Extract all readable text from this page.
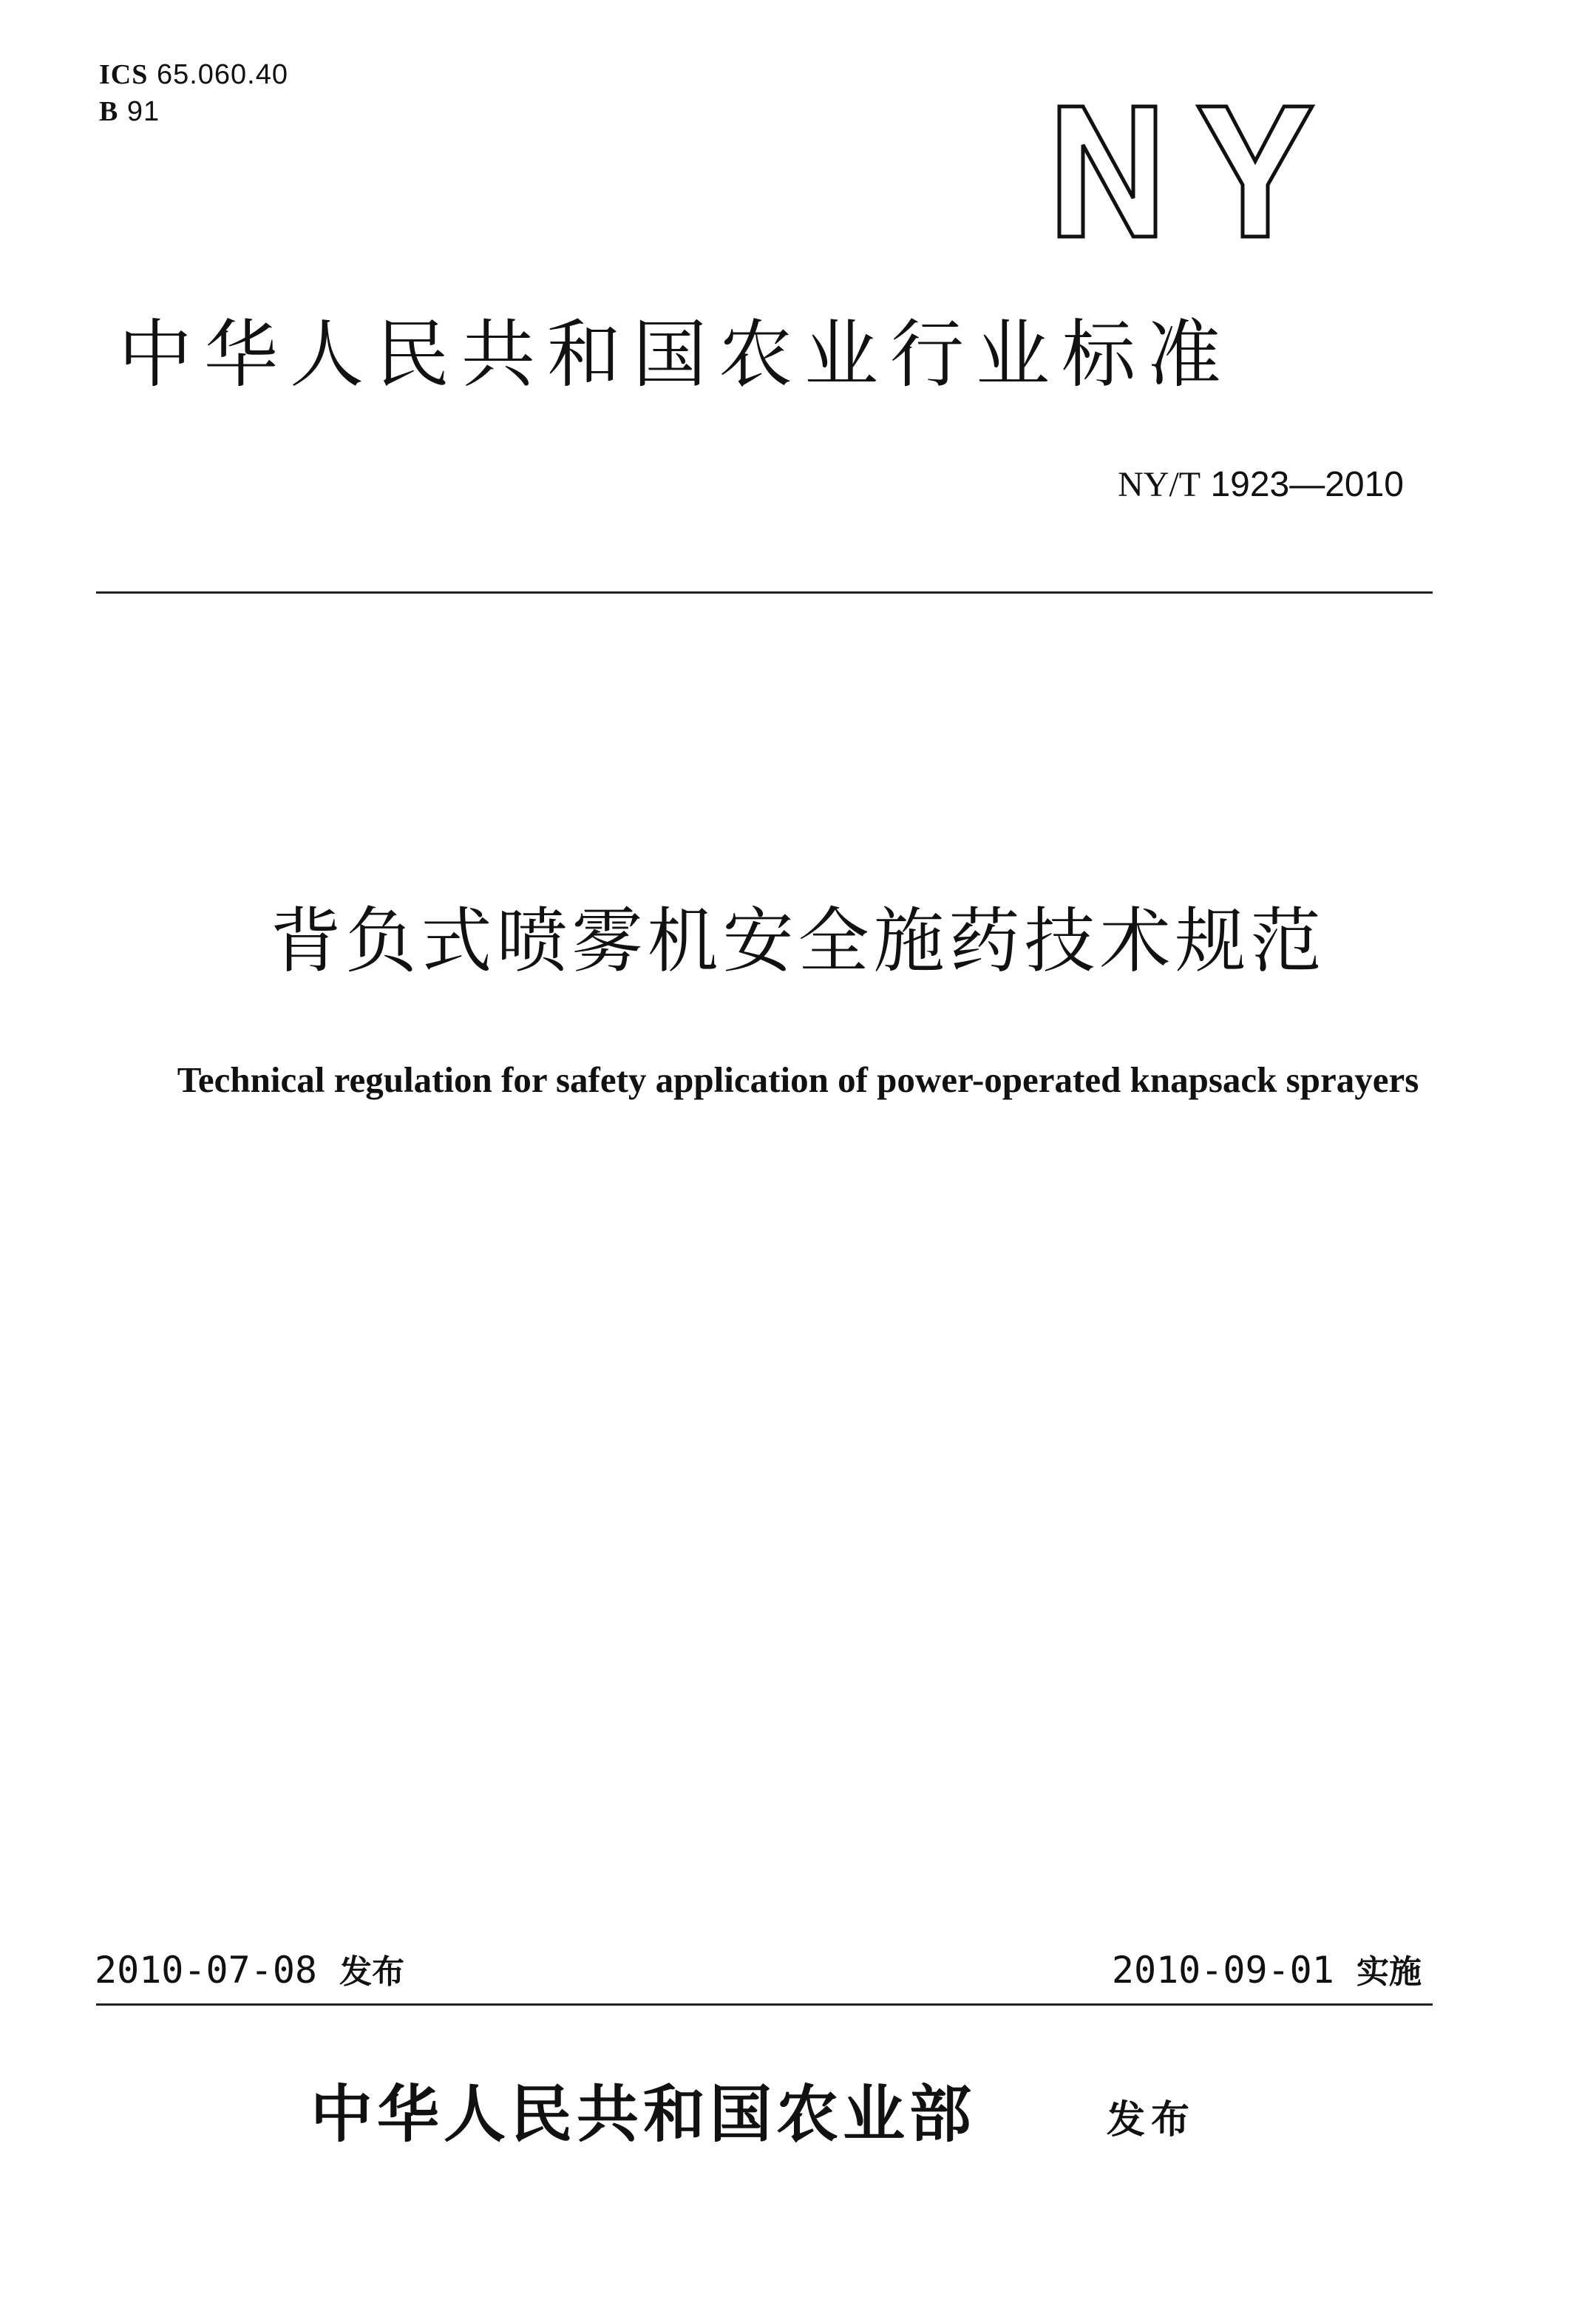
ICS 65.060.40
B 91
中华人民共和国农业行业标准
NY/T 1923—2010
背负式喷雾机安全施药技术规范
Technical regulation for safety application of power-operated knapsack sprayers
2010-07-08 发布	2010-09-01 实施
中华人民共和国农业部	发布
